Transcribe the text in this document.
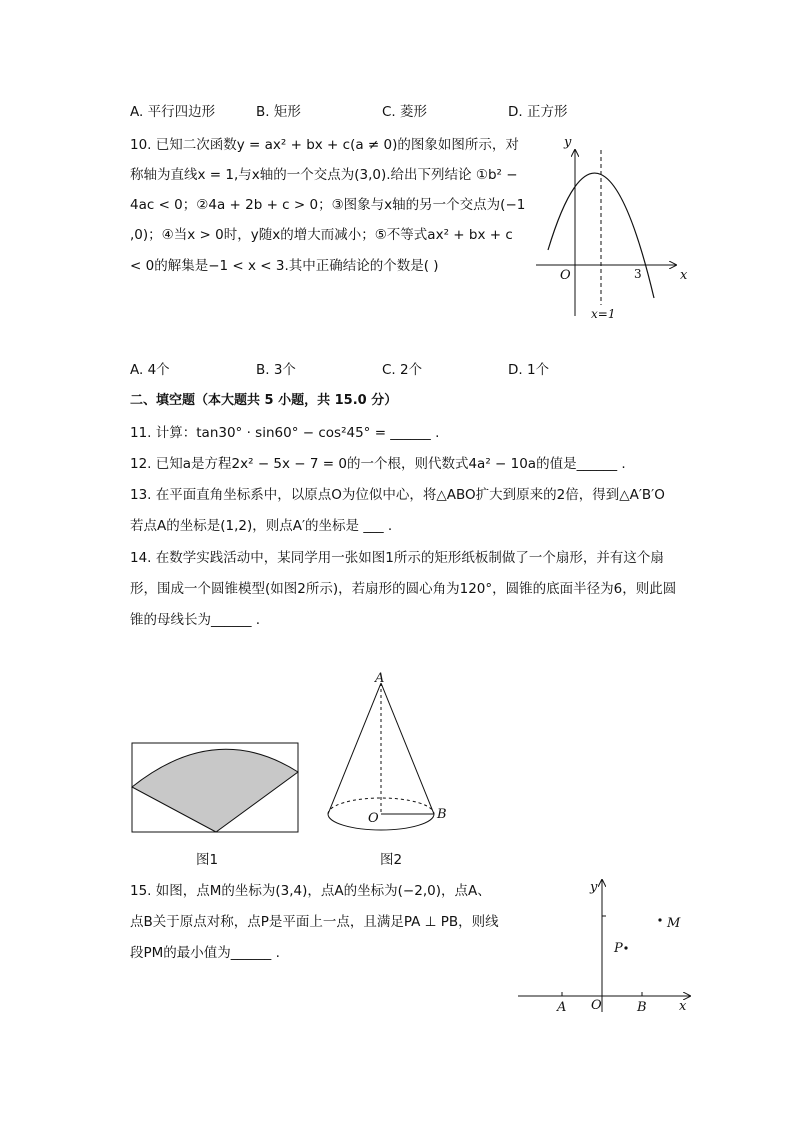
A. 平行四边形	B. 矩形	C. 菱形	D. 正方形
10. 已知二次函数y = ax² + bx + c(a ≠ 0)的图象如图所示，对
称轴为直线x = 1,与x轴的一个交点为(3,0).给出下列结论 ①b² −
4ac < 0；②4a + 2b + c > 0；③图象与x轴的另一个交点为(−1
,0)；④当x > 0时，y随x的增大而减小；⑤不等式ax² + bx + c
< 0的解集是−1 < x < 3.其中正确结论的个数是( )
y
x
O	3
x=1
A. 4个	B. 3个	C. 2个	D. 1个
二、填空题（本大题共 5 小题，共 15.0 分）
11. 计算：tan30° · sin60° − cos²45° = ______ .
12. 已知a是方程2x² − 5x − 7 = 0的一个根，则代数式4a² − 10a的值是______ .
13. 在平面直角坐标系中，以原点O为位似中心，将△ABO扩大到原来的2倍，得到△A′B′O
若点A的坐标是(1,2)，则点A′的坐标是 ___ .
14. 在数学实践活动中，某同学用一张如图1所示的矩形纸板制做了一个扇形，并有这个扇
形，围成一个圆锥模型(如图2所示)，若扇形的圆心角为120°，圆锥的底面半径为6，则此圆
锥的母线长为______ .
图1
A
O	B
图2
15. 如图，点M的坐标为(3,4)，点A的坐标为(−2,0)，点A、
点B关于原点对称，点P是平面上一点，且满足PA ⊥ PB，则线
段PM的最小值为______ .
y
x
O
A	B
P
M
